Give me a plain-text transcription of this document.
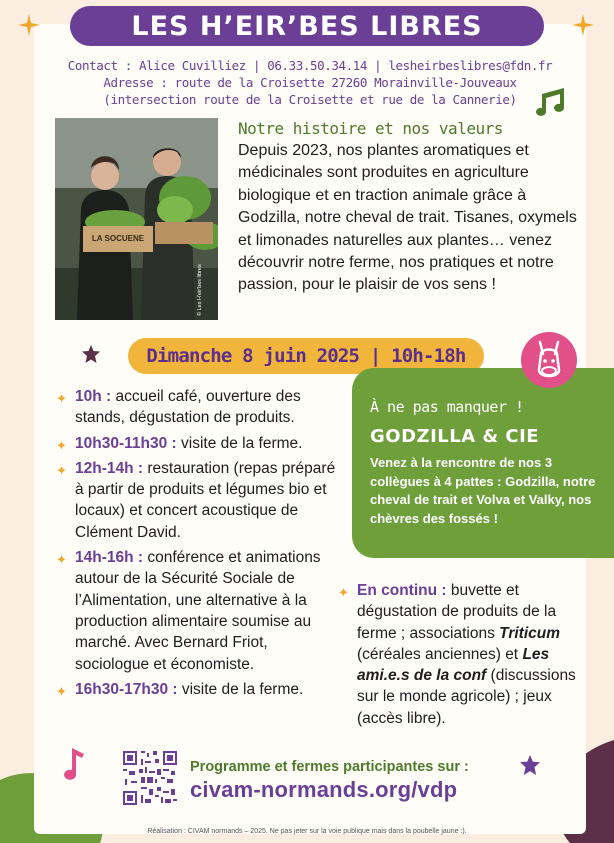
LES H’EIR’BES LIBRES
Contact : Alice Cuvilliez | 06.33.50.34.14 | lesheirbeslibres@fdn.fr
Adresse : route de la Croisette 27260 Morainville-Jouveaux
(intersection route de la Croisette et rue de la Cannerie)
LA SOCUENE
© Les H'eir'bes libres
Notre histoire et nos valeurs
Depuis 2023, nos plantes aromatiques et médicinales sont produites en agriculture biologique et en traction animale grâce à Godzilla, notre cheval de trait. Tisanes, oxymels et limonades naturelles aux plantes… venez découvrir notre ferme, nos pratiques et notre passion, pour le plaisir de vos sens !
Dimanche 8 juin 2025 | 10h-18h
À ne pas manquer !
GODZILLA & CIE
Venez à la rencontre de nos 3 collègues à 4 pattes : Godzilla, notre cheval de trait et Volva et Valky, nos chèvres des fossés !
✦ 10h : accueil café, ouverture des stands, dégustation de produits.
✦ 10h30-11h30 : visite de la ferme.
✦ 12h-14h : restauration (repas préparé à partir de produits et légumes bio et locaux) et concert acoustique de Clément David.
✦ 14h-16h : conférence et animations autour de la Sécurité Sociale de l’Alimentation, une alternative à la production alimentaire soumise au marché. Avec Bernard Friot, sociologue et économiste.
✦ 16h30-17h30 : visite de la ferme.
✦ En continu : buvette et dégustation de produits de la ferme ; associations Triticum (céréales anciennes) et Les ami.e.s de la conf (discussions sur le monde agricole) ; jeux (accès libre).
Programme et fermes participantes sur :
civam-normands.org/vdp
Réalisation : CIVAM normands – 2025. Ne pas jeter sur la voie publique mais dans la poubelle jaune :).
